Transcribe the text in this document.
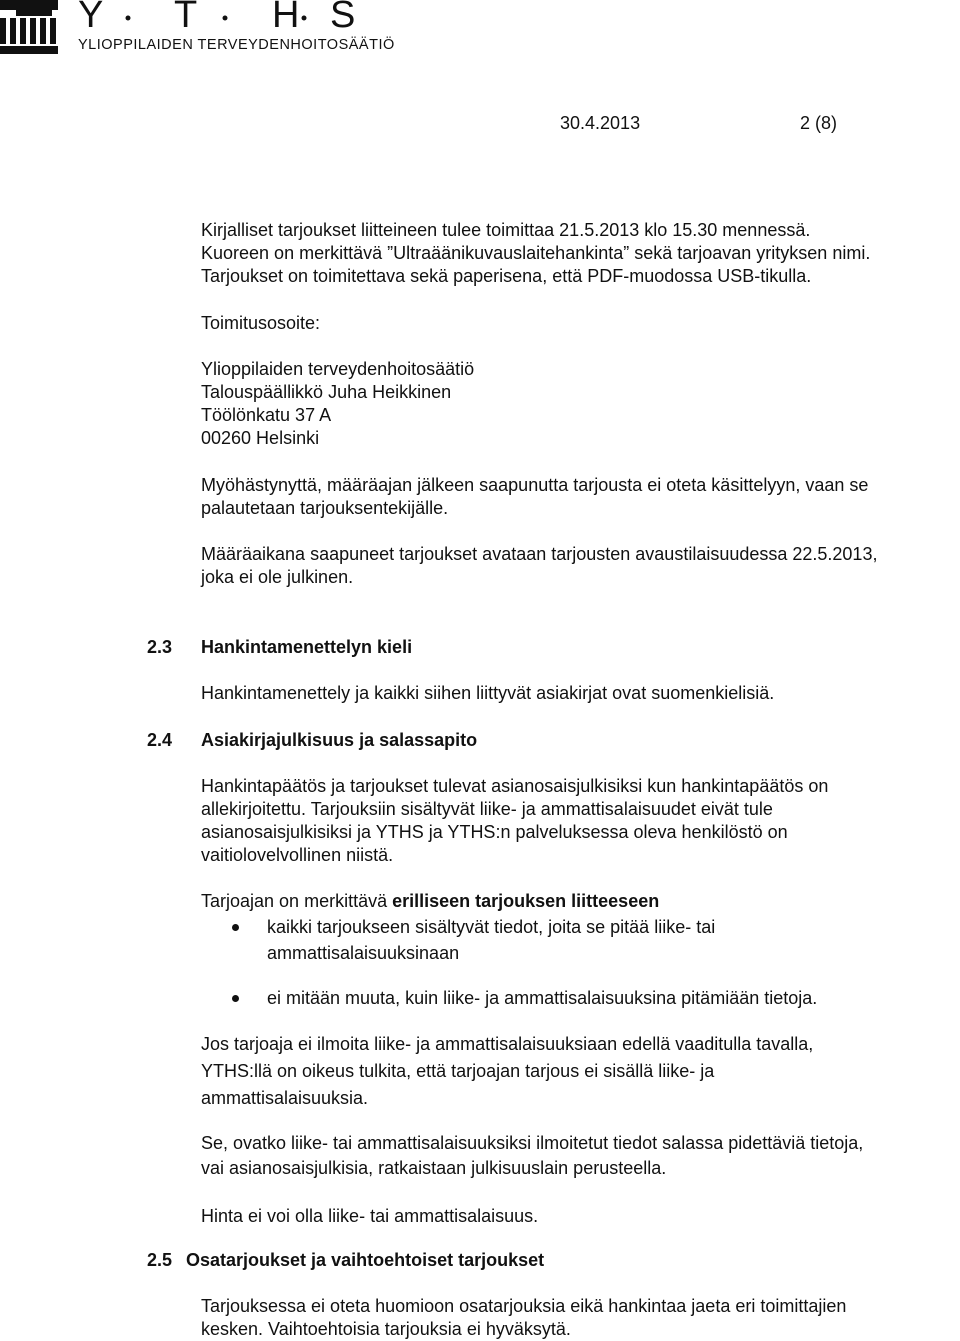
Y T H S
YLIOPPILAIDEN TERVEYDENHOITOSÄÄTIÖ
30.4.2013	2 (8)
Kirjalliset tarjoukset liitteineen tulee toimittaa 21.5.2013 klo 15.30 mennessä.
Kuoreen on merkittävä ”Ultraäänikuvauslaitehankinta” sekä tarjoavan yrityksen nimi.
Tarjoukset on toimitettava sekä paperisena, että PDF-muodossa USB-tikulla.
Toimitusosoite:
Ylioppilaiden terveydenhoitosäätiö
Talouspäällikkö Juha Heikkinen
Töölönkatu 37 A
00260 Helsinki
Myöhästynyttä, määräajan jälkeen saapunutta tarjousta ei oteta käsittelyyn, vaan se
palautetaan tarjouksentekijälle.
Määräaikana saapuneet tarjoukset avataan tarjousten avaustilaisuudessa 22.5.2013,
joka ei ole julkinen.
2.3 Hankintamenettelyn kieli
Hankintamenettely ja kaikki siihen liittyvät asiakirjat ovat suomenkielisiä.
2.4 Asiakirjajulkisuus ja salassapito
Hankintapäätös ja tarjoukset tulevat asianosaisjulkisiksi kun hankintapäätös on
allekirjoitettu. Tarjouksiin sisältyvät liike- ja ammattisalaisuudet eivät tule
asianosaisjulkisiksi ja YTHS ja YTHS:n palveluksessa oleva henkilöstö on
vaitiolovelvollinen niistä.
Tarjoajan on merkittävä erilliseen tarjouksen liitteeseen
kaikki tarjoukseen sisältyvät tiedot, joita se pitää liike- tai
ammattisalaisuuksinaan
ei mitään muuta, kuin liike- ja ammattisalaisuuksina pitämiään tietoja.
Jos tarjoaja ei ilmoita liike- ja ammattisalaisuuksiaan edellä vaaditulla tavalla,
YTHS:llä on oikeus tulkita, että tarjoajan tarjous ei sisällä liike- ja
ammattisalaisuuksia.
Se, ovatko liike- tai ammattisalaisuuksiksi ilmoitetut tiedot salassa pidettäviä tietoja,
vai asianosaisjulkisia, ratkaistaan julkisuuslain perusteella.
Hinta ei voi olla liike- tai ammattisalaisuus.
2.5 Osatarjoukset ja vaihtoehtoiset tarjoukset
Tarjouksessa ei oteta huomioon osatarjouksia eikä hankintaa jaeta eri toimittajien
kesken. Vaihtoehtoisia tarjouksia ei hyväksytä.
